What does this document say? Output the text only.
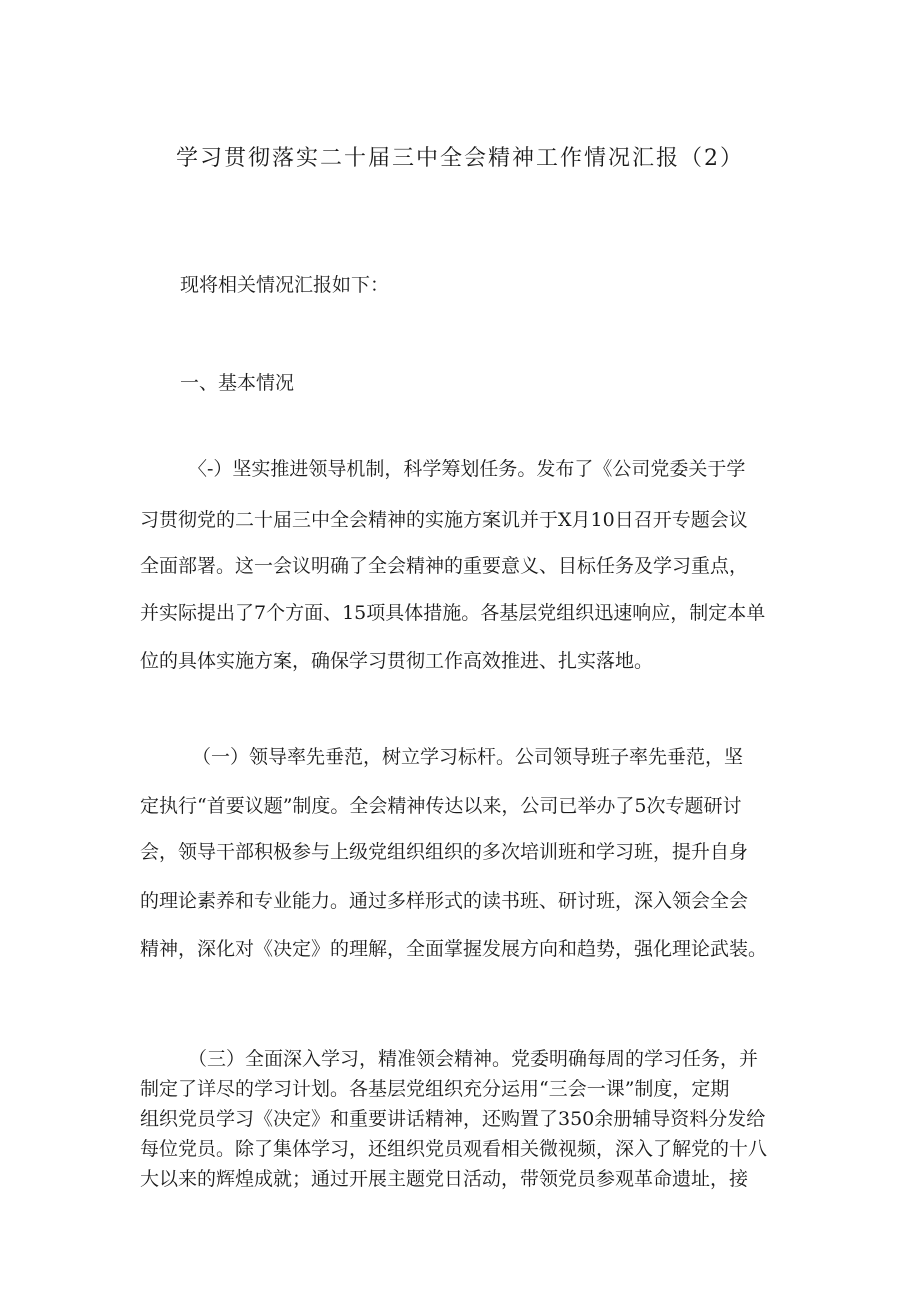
学习贯彻落实二十届三中全会精神工作情况汇报（2）

现将相关情况汇报如下：

一、基本情况

〈-）坚实推进领导机制，科学筹划任务。发布了《公司党委关于学

习贯彻党的二十届三中全会精神的实施方案讥并于X月10日召开专题会议

全面部署。这一会议明确了全会精神的重要意义、目标任务及学习重点，

并实际提出了7个方面、15项具体措施。各基层党组织迅速响应，制定本单

位的具体实施方案，确保学习贯彻工作高效推进、扎实落地。

（一）领导率先垂范，树立学习标杆。公司领导班子率先垂范，坚

定执行“首要议题”制度。全会精神传达以来，公司已举办了5次专题研讨

会，领导干部积极参与上级党组织组织的多次培训班和学习班，提升自身

的理论素养和专业能力。通过多样形式的读书班、研讨班，深入领会全会

精神，深化对《决定》的理解，全面掌握发展方向和趋势，强化理论武装。

（三）全面深入学习，精准领会精神。党委明确每周的学习任务，并

制定了详尽的学习计划。各基层党组织充分运用“三会一课”制度，定期

组织党员学习《决定》和重要讲话精神，还购置了350余册辅导资料分发给

每位党员。除了集体学习，还组织党员观看相关微视频，深入了解党的十八

大以来的辉煌成就；通过开展主题党日活动，带领党员参观革命遗址，接
